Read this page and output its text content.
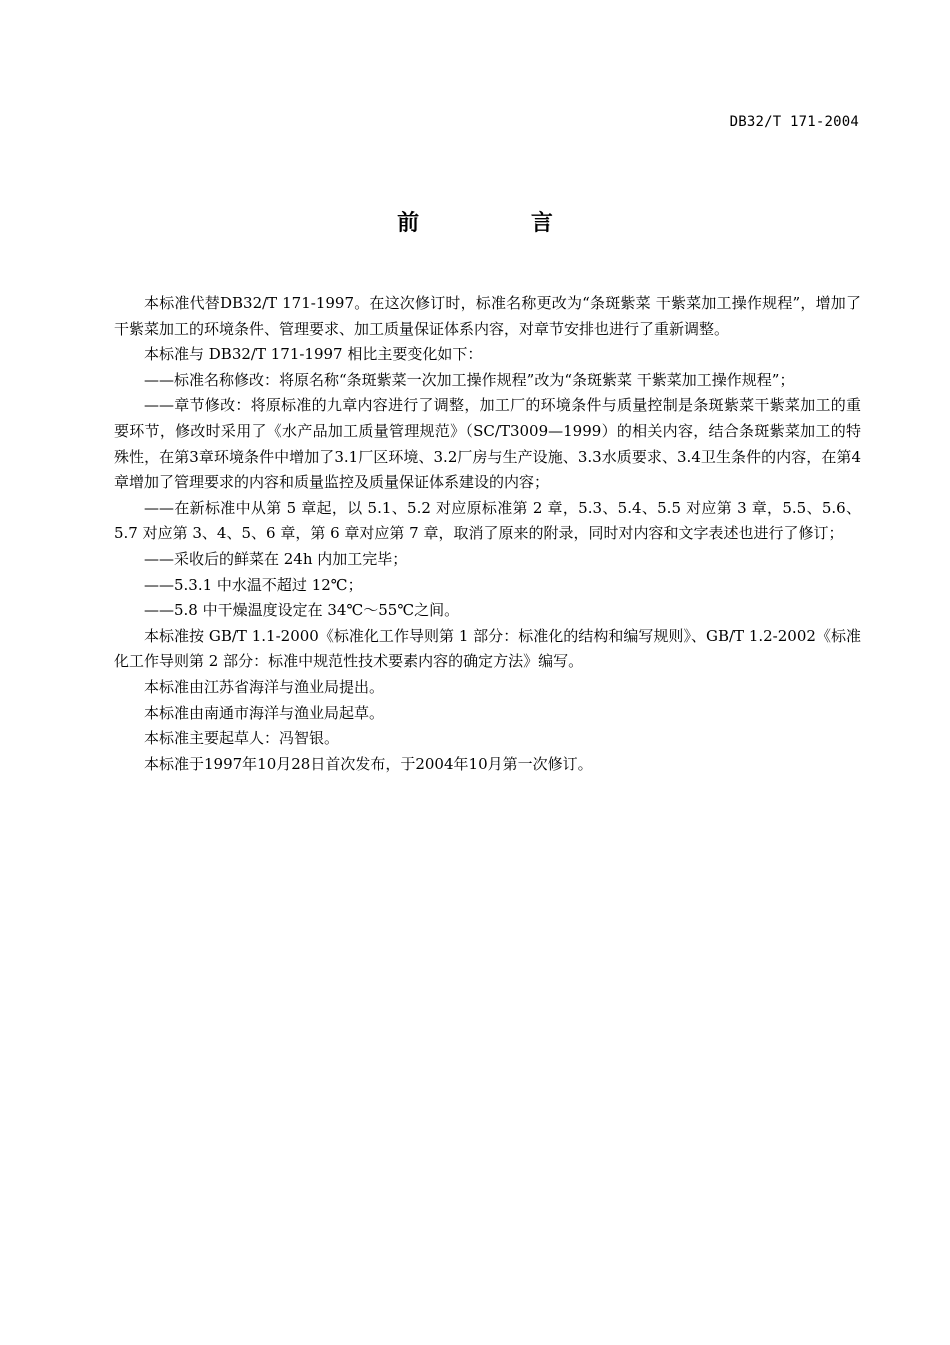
DB32/T 171-2004
前 言

本标准代替DB32/T 171-1997。在这次修订时，标准名称更改为“条斑紫菜 干紫菜加工操作规程”，增加了干紫菜加工的环境条件、管理要求、加工质量保证体系内容，对章节安排也进行了重新调整。

本标准与 DB32/T 171-1997 相比主要变化如下：

——标准名称修改：将原名称“条斑紫菜一次加工操作规程”改为“条斑紫菜 干紫菜加工操作规程”；

——章节修改：将原标准的九章内容进行了调整，加工厂的环境条件与质量控制是条斑紫菜干紫菜加工的重要环节，修改时采用了《水产品加工质量管理规范》（SC/T3009—1999）的相关内容，结合条斑紫菜加工的特殊性，在第3章环境条件中增加了3.1厂区环境、3.2厂房与生产设施、3.3水质要求、3.4卫生条件的内容，在第4章增加了管理要求的内容和质量监控及质量保证体系建设的内容；

——在新标准中从第 5 章起，以 5.1、5.2 对应原标准第 2 章，5.3、5.4、5.5 对应第 3 章，5.5、5.6、5.7 对应第 3、4、5、6 章，第 6 章对应第 7 章，取消了原来的附录，同时对内容和文字表述也进行了修订；

——采收后的鲜菜在 24h 内加工完毕；

——5.3.1 中水温不超过 12℃；

——5.8 中干燥温度设定在 34℃～55℃之间。

本标准按 GB/T 1.1-2000《标准化工作导则第 1 部分：标准化的结构和编写规则》、GB/T 1.2-2002《标准化工作导则第 2 部分：标准中规范性技术要素内容的确定方法》编写。

本标准由江苏省海洋与渔业局提出。

本标准由南通市海洋与渔业局起草。

本标准主要起草人：冯智银。

本标准于1997年10月28日首次发布，于2004年10月第一次修订。
